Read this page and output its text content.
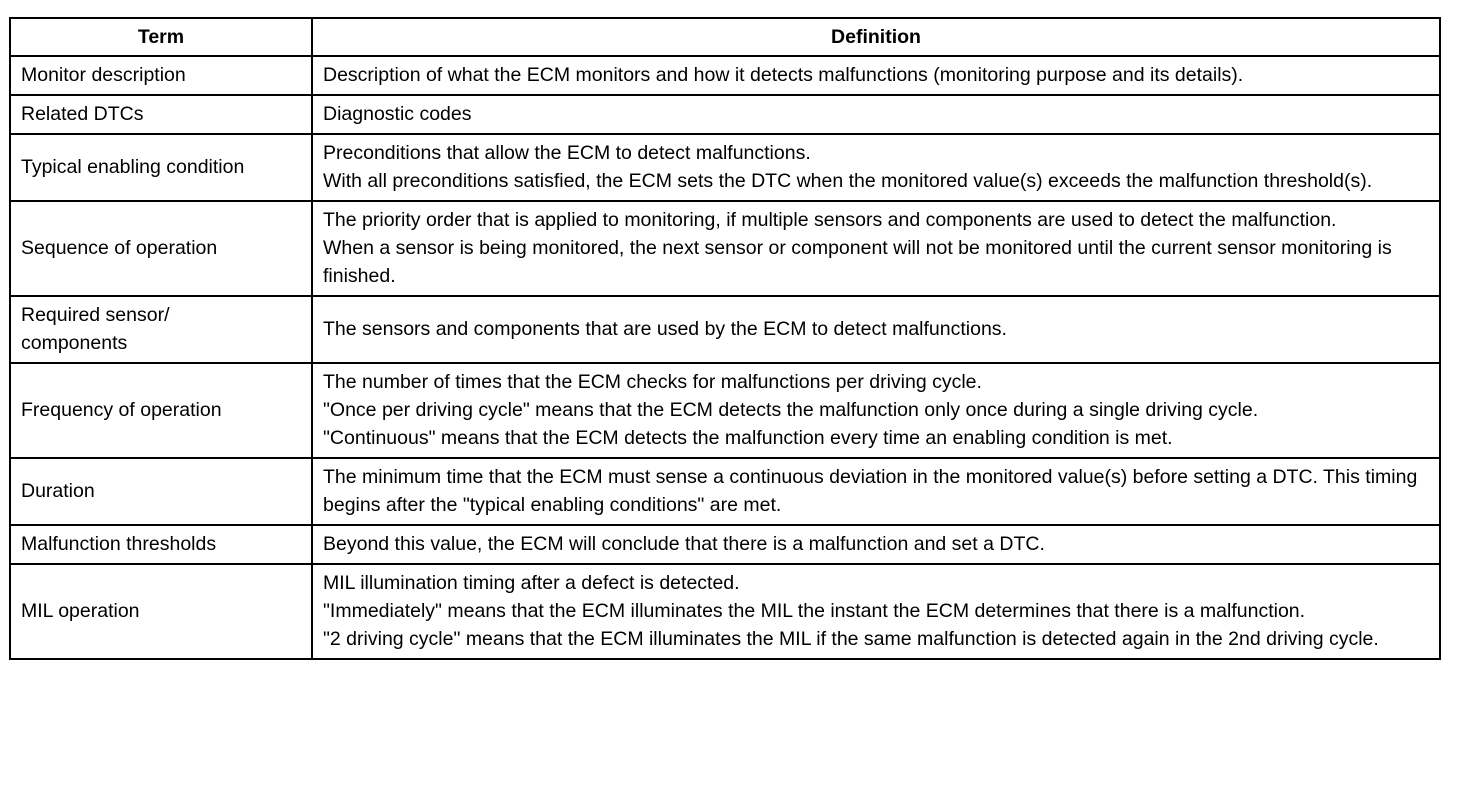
Term	Definition

Monitor description	Description of what the ECM monitors and how it detects malfunctions (monitoring purpose and its details).

Related DTCs	Diagnostic codes

Typical enabling condition	Preconditions that allow the ECM to detect malfunctions.
With all preconditions satisfied, the ECM sets the DTC when the monitored value(s) exceeds the malfunction threshold(s).

Sequence of operation	The priority order that is applied to monitoring, if multiple sensors and components are used to detect the malfunction.
When a sensor is being monitored, the next sensor or component will not be monitored until the current sensor monitoring is finished.

Required sensor/
components	The sensors and components that are used by the ECM to detect malfunctions.

Frequency of operation	The number of times that the ECM checks for malfunctions per driving cycle.
"Once per driving cycle" means that the ECM detects the malfunction only once during a single driving cycle.
"Continuous" means that the ECM detects the malfunction every time an enabling condition is met.

Duration	The minimum time that the ECM must sense a continuous deviation in the monitored value(s) before setting a DTC. This timing begins after the "typical enabling conditions" are met.

Malfunction thresholds	Beyond this value, the ECM will conclude that there is a malfunction and set a DTC.

MIL operation	MIL illumination timing after a defect is detected.
"Immediately" means that the ECM illuminates the MIL the instant the ECM determines that there is a malfunction.
"2 driving cycle" means that the ECM illuminates the MIL if the same malfunction is detected again in the 2nd driving cycle.
